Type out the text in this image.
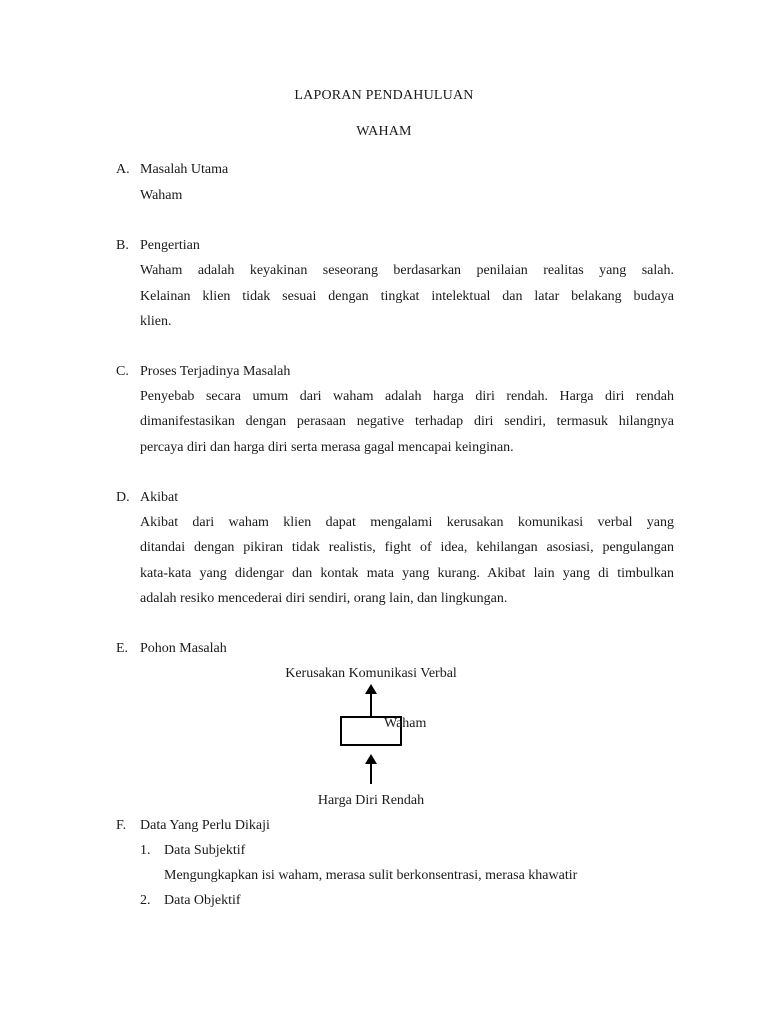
LAPORAN PENDAHULUAN
WAHAM
A. Masalah Utama
Waham
B. Pengertian
Waham adalah keyakinan seseorang berdasarkan penilaian realitas yang salah.
Kelainan klien tidak sesuai dengan tingkat intelektual dan latar belakang budaya
klien.
C. Proses Terjadinya Masalah
Penyebab secara umum dari waham adalah harga diri rendah. Harga diri rendah
dimanifestasikan dengan perasaan negative terhadap diri sendiri, termasuk hilangnya
percaya diri dan harga diri serta merasa gagal mencapai keinginan.
D. Akibat
Akibat dari waham klien dapat mengalami kerusakan komunikasi verbal yang
ditandai dengan pikiran tidak realistis, fight of idea, kehilangan asosiasi, pengulangan
kata-kata yang didengar dan kontak mata yang kurang. Akibat lain yang di timbulkan
adalah resiko mencederai diri sendiri, orang lain, dan lingkungan.
E. Pohon Masalah
Kerusakan Komunikasi Verbal
Waham
Harga Diri Rendah
F. Data Yang Perlu Dikaji
1. Data Subjektif
Mengungkapkan isi waham, merasa sulit berkonsentrasi, merasa khawatir
2. Data Objektif
